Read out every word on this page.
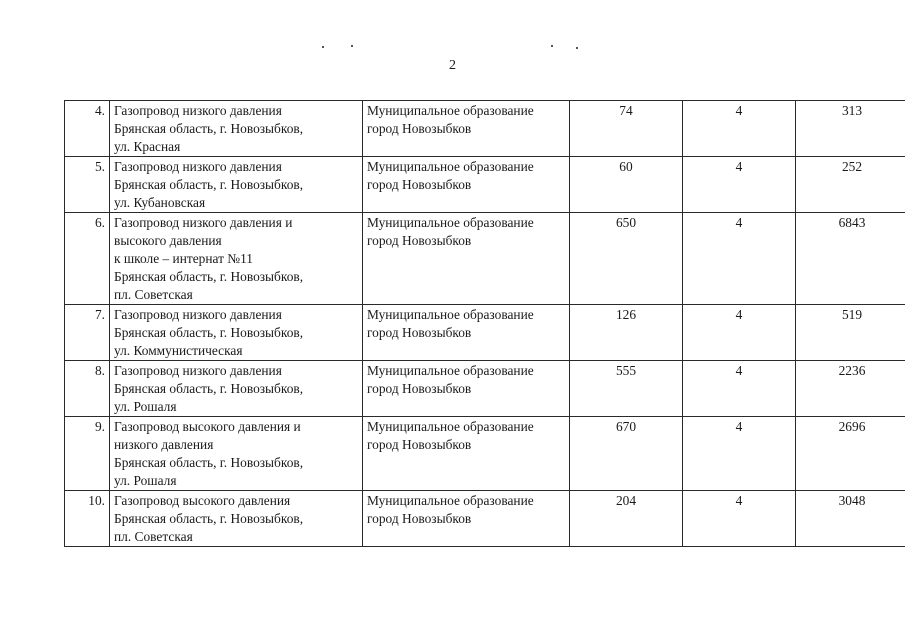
2
4.	Газопровод низкого давления
Брянская область, г. Новозыбков,
ул. Красная	Муниципальное образование
город Новозыбков	74	4	313
5.	Газопровод низкого давления
Брянская область, г. Новозыбков,
ул. Кубановская	Муниципальное образование
город Новозыбков	60	4	252
6.	Газопровод низкого давления и
высокого давления
к школе – интернат №11
Брянская область, г. Новозыбков,
пл. Советская	Муниципальное образование
город Новозыбков	650	4	6843
7.	Газопровод низкого давления
Брянская область, г. Новозыбков,
ул. Коммунистическая	Муниципальное образование
город Новозыбков	126	4	519
8.	Газопровод низкого давления
Брянская область, г. Новозыбков,
ул. Рошаля	Муниципальное образование
город Новозыбков	555	4	2236
9.	Газопровод высокого давления и
низкого давления
Брянская область, г. Новозыбков,
ул. Рошаля	Муниципальное образование
город Новозыбков	670	4	2696
10.	Газопровод высокого давления
Брянская область, г. Новозыбков,
пл. Советская	Муниципальное образование
город Новозыбков	204	4	3048
